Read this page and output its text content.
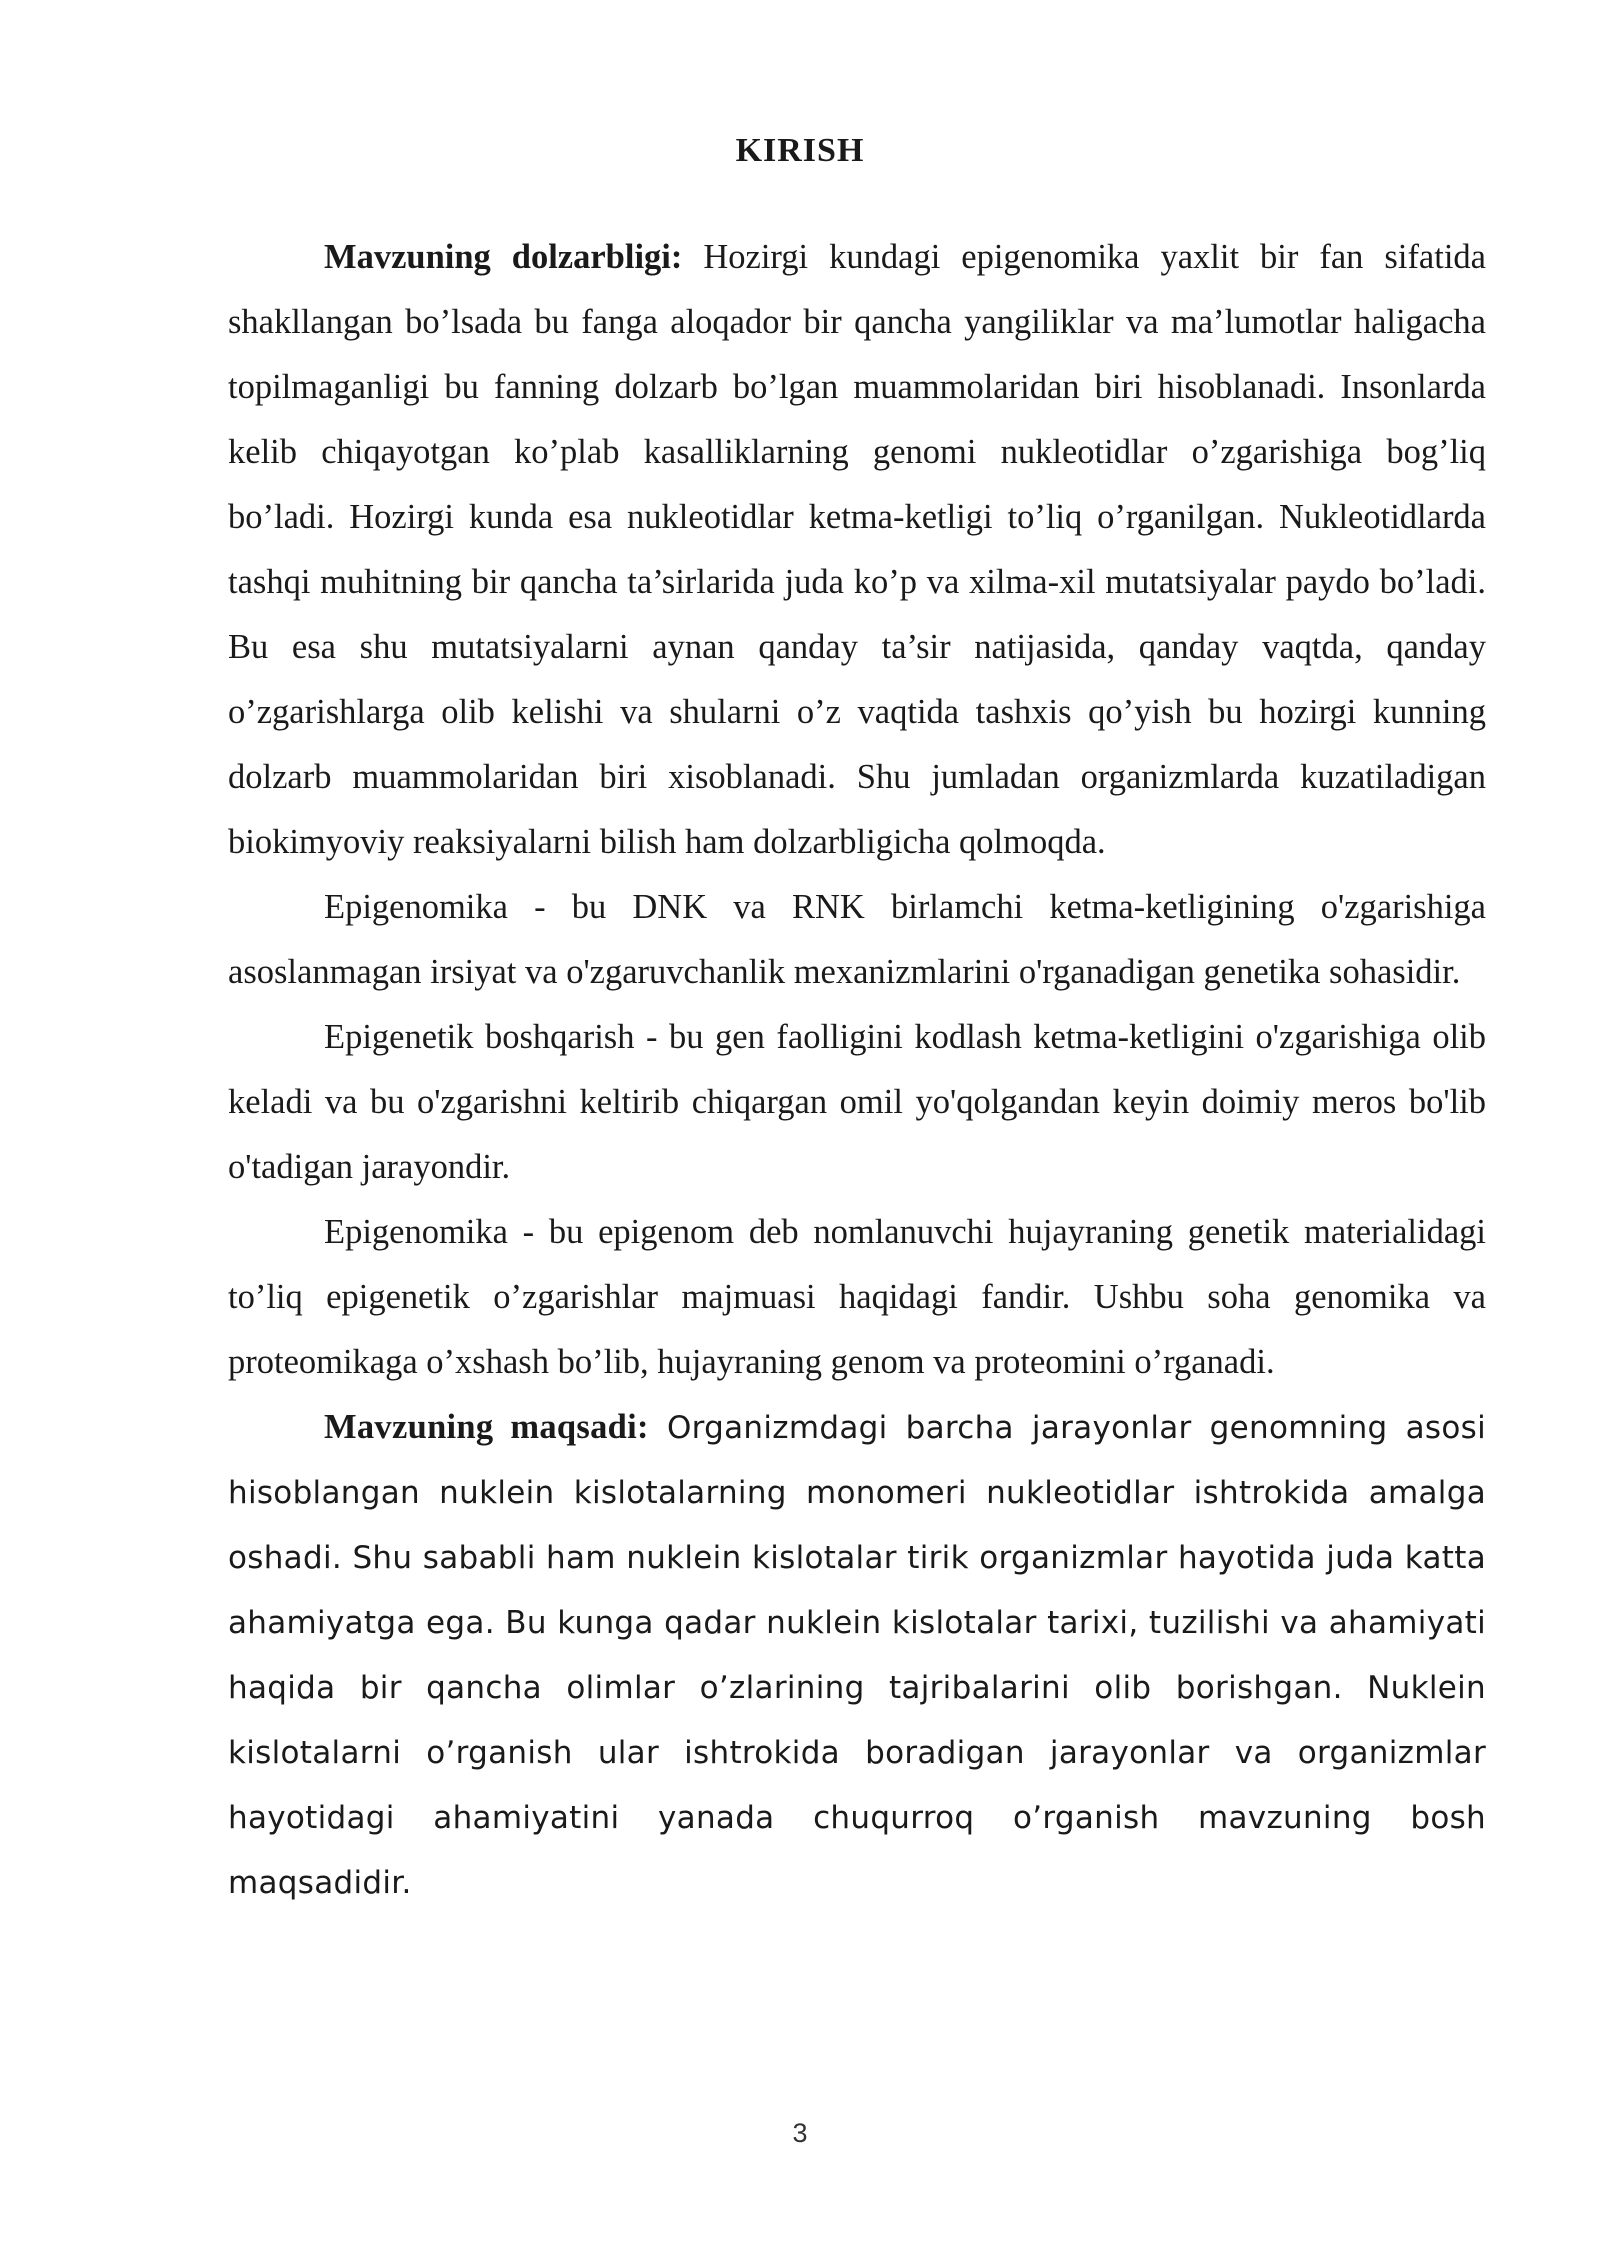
KIRISH

Mavzuning dolzarbligi: Hozirgi kundagi epigenomika yaxlit bir fan sifatida shakllangan bo’lsada bu fanga aloqador bir qancha yangiliklar va ma’lumotlar haligacha topilmaganligi bu fanning dolzarb bo’lgan muammolaridan biri hisoblanadi. Insonlarda kelib chiqayotgan ko’plab kasalliklarning genomi nukleotidlar o’zgarishiga bog’liq bo’ladi. Hozirgi kunda esa nukleotidlar ketma-ketligi to’liq o’rganilgan. Nukleotidlarda tashqi muhitning bir qancha ta’sirlarida juda ko’p va xilma-xil mutatsiyalar paydo bo’ladi. Bu esa shu mutatsiyalarni aynan qanday ta’sir natijasida, qanday vaqtda, qanday o’zgarishlarga olib kelishi va shularni o’z vaqtida tashxis qo’yish bu hozirgi kunning dolzarb muammolaridan biri xisoblanadi. Shu jumladan organizmlarda kuzatiladigan biokimyoviy reaksiyalarni bilish ham dolzarbligicha qolmoqda.

Epigenomika - bu DNK va RNK birlamchi ketma-ketligining o'zgarishiga asoslanmagan irsiyat va o'zgaruvchanlik mexanizmlarini o'rganadigan genetika sohasidir.

Epigenetik boshqarish - bu gen faolligini kodlash ketma-ketligini o'zgarishiga olib keladi va bu o'zgarishni keltirib chiqargan omil yo'qolgandan keyin doimiy meros bo'lib o'tadigan jarayondir.

Epigenomika - bu epigenom deb nomlanuvchi hujayraning genetik materialidagi to’liq epigenetik o’zgarishlar majmuasi haqidagi fandir. Ushbu soha genomika va proteomikaga o’xshash bo’lib, hujayraning genom va proteomini o’rganadi.

Mavzuning maqsadi: Organizmdagi barcha jarayonlar genomning asosi hisoblangan nuklein kislotalarning monomeri nukleotidlar ishtrokida amalga oshadi. Shu sababli ham nuklein kislotalar tirik organizmlar hayotida juda katta ahamiyatga ega. Bu kunga qadar nuklein kislotalar tarixi, tuzilishi va ahamiyati haqida bir qancha olimlar o’zlarining tajribalarini olib borishgan. Nuklein kislotalarni o’rganish ular ishtrokida boradigan jarayonlar va organizmlar hayotidagi ahamiyatini yanada chuqurroq o’rganish mavzuning bosh maqsadidir.

3
